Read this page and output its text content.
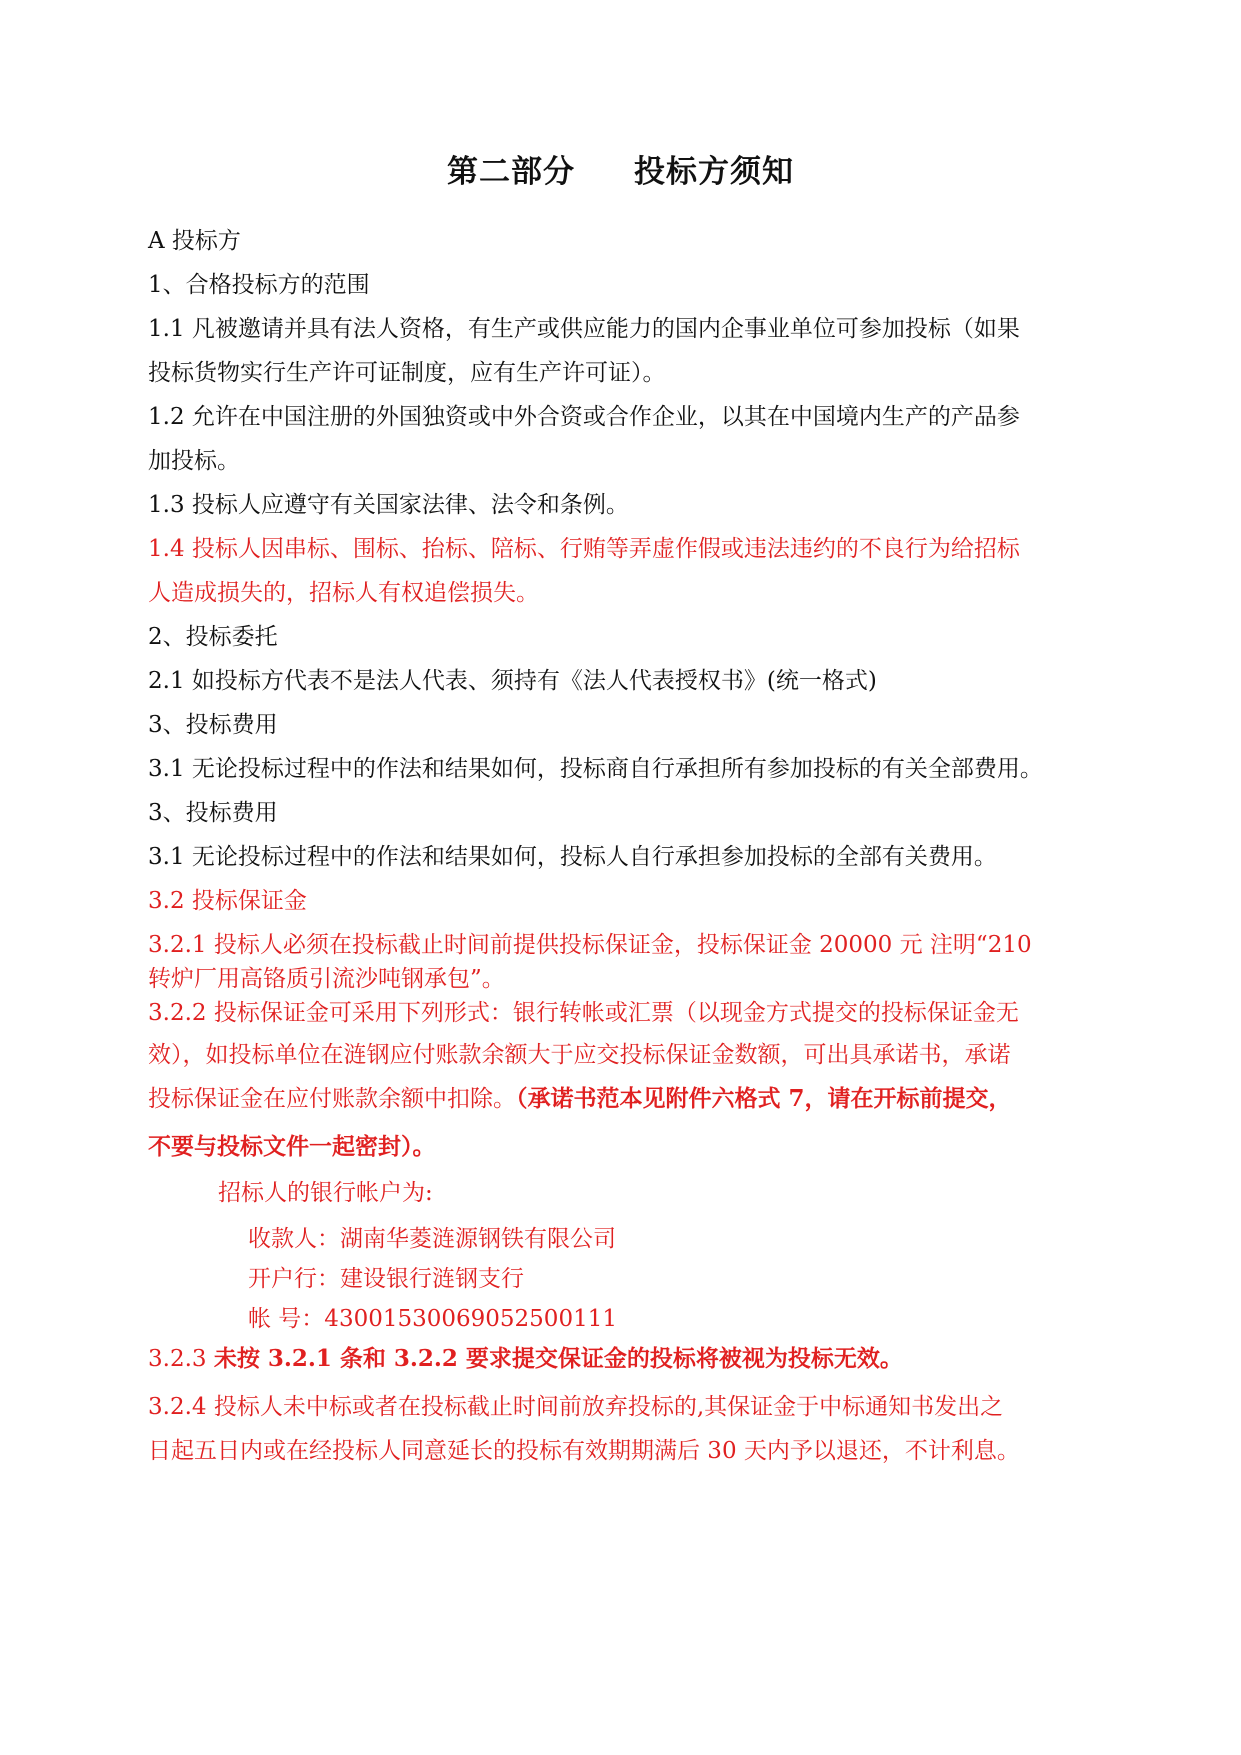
第二部分     投标方须知
A 投标方
1、合格投标方的范围
1.1 凡被邀请并具有法人资格，有生产或供应能力的国内企事业单位可参加投标（如果
投标货物实行生产许可证制度，应有生产许可证）。
1.2 允许在中国注册的外国独资或中外合资或合作企业，以其在中国境内生产的产品参
加投标。
1.3 投标人应遵守有关国家法律、法令和条例。
1.4 投标人因串标、围标、抬标、陪标、行贿等弄虚作假或违法违约的不良行为给招标
人造成损失的，招标人有权追偿损失。
2、投标委托
2.1 如投标方代表不是法人代表、须持有《法人代表授权书》(统一格式)
3、投标费用
3.1 无论投标过程中的作法和结果如何，投标商自行承担所有参加投标的有关全部费用。
3、投标费用
3.1 无论投标过程中的作法和结果如何，投标人自行承担参加投标的全部有关费用。
3.2 投标保证金
3.2.1 投标人必须在投标截止时间前提供投标保证金，投标保证金 20000 元 注明“210
转炉厂用高铬质引流沙吨钢承包”。
3.2.2 投标保证金可采用下列形式：银行转帐或汇票（以现金方式提交的投标保证金无
效），如投标单位在涟钢应付账款余额大于应交投标保证金数额，可出具承诺书，承诺
投标保证金在应付账款余额中扣除。（承诺书范本见附件六格式 7，请在开标前提交，
不要与投标文件一起密封）。
招标人的银行帐户为:
收款人：湖南华菱涟源钢铁有限公司
开户行：建设银行涟钢支行
帐 号：43001530069052500111
3.2.3 未按 3.2.1 条和 3.2.2 要求提交保证金的投标将被视为投标无效。
3.2.4 投标人未中标或者在投标截止时间前放弃投标的,其保证金于中标通知书发出之
日起五日内或在经投标人同意延长的投标有效期期满后 30 天内予以退还，不计利息。
